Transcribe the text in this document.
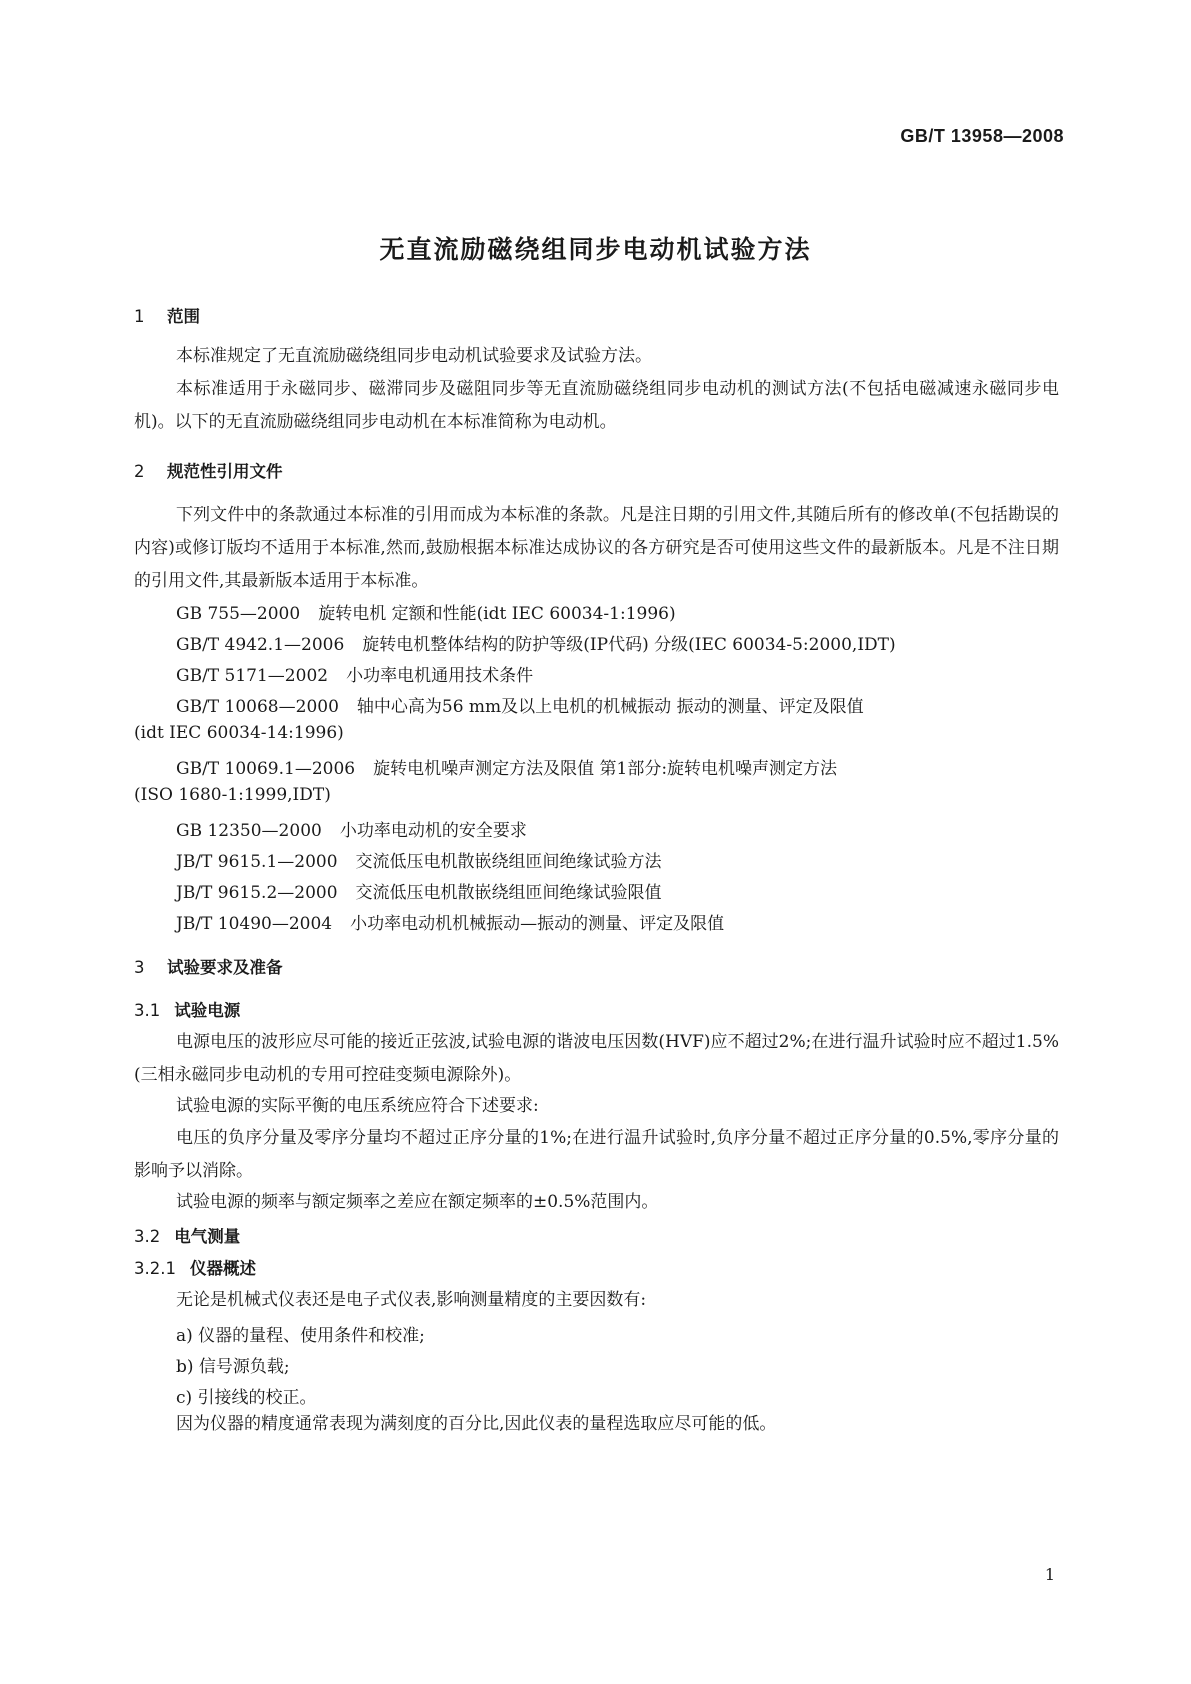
GB/T 13958—2008
无直流励磁绕组同步电动机试验方法
1 范围
本标准规定了无直流励磁绕组同步电动机试验要求及试验方法。
本标准适用于永磁同步、磁滞同步及磁阻同步等无直流励磁绕组同步电动机的测试方法(不包括电磁减速永磁同步电机)。以下的无直流励磁绕组同步电动机在本标准简称为电动机。
2 规范性引用文件
下列文件中的条款通过本标准的引用而成为本标准的条款。凡是注日期的引用文件,其随后所有的修改单(不包括勘误的内容)或修订版均不适用于本标准,然而,鼓励根据本标准达成协议的各方研究是否可使用这些文件的最新版本。凡是不注日期的引用文件,其最新版本适用于本标准。
GB 755—2000 旋转电机 定额和性能(idt IEC 60034-1:1996)
GB/T 4942.1—2006 旋转电机整体结构的防护等级(IP代码) 分级(IEC 60034-5:2000,IDT)
GB/T 5171—2002 小功率电机通用技术条件
GB/T 10068—2000 轴中心高为56 mm及以上电机的机械振动 振动的测量、评定及限值
(idt IEC 60034-14:1996)
GB/T 10069.1—2006 旋转电机噪声测定方法及限值 第1部分:旋转电机噪声测定方法
(ISO 1680-1:1999,IDT)
GB 12350—2000 小功率电动机的安全要求
JB/T 9615.1—2000 交流低压电机散嵌绕组匝间绝缘试验方法
JB/T 9615.2—2000 交流低压电机散嵌绕组匝间绝缘试验限值
JB/T 10490—2004 小功率电动机机械振动—振动的测量、评定及限值
3 试验要求及准备
3.1 试验电源
电源电压的波形应尽可能的接近正弦波,试验电源的谐波电压因数(HVF)应不超过2%;在进行温升试验时应不超过1.5%(三相永磁同步电动机的专用可控硅变频电源除外)。
试验电源的实际平衡的电压系统应符合下述要求:
电压的负序分量及零序分量均不超过正序分量的1%;在进行温升试验时,负序分量不超过正序分量的0.5%,零序分量的影响予以消除。
试验电源的频率与额定频率之差应在额定频率的±0.5%范围内。
3.2 电气测量
3.2.1 仪器概述
无论是机械式仪表还是电子式仪表,影响测量精度的主要因数有:
a) 仪器的量程、使用条件和校准;
b) 信号源负载;
c) 引接线的校正。
因为仪器的精度通常表现为满刻度的百分比,因此仪表的量程选取应尽可能的低。
1
